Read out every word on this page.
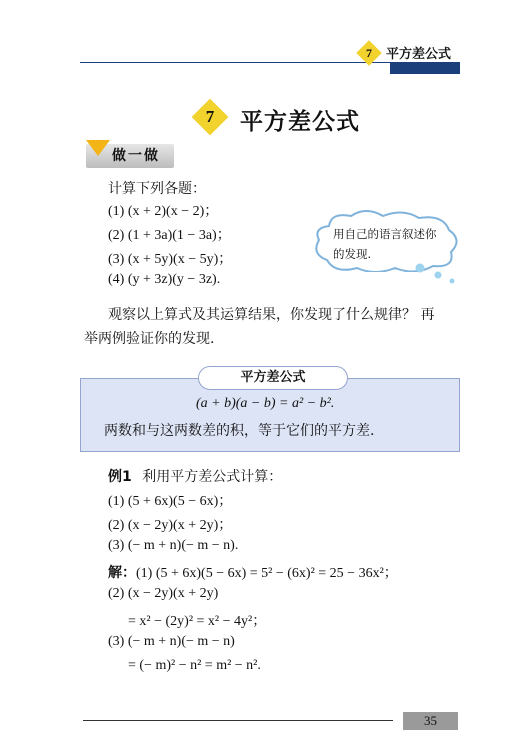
7	平方差公式
7	平方差公式
做一做
计算下列各题：
(1) (x + 2)(x − 2)；
(2) (1 + 3a)(1 − 3a)；
(3) (x + 5y)(x − 5y)；
(4) (y + 3z)(y − 3z).
用自己的语言叙述你的发现.
观察以上算式及其运算结果，你发现了什么规律？ 再
举两例验证你的发现.
平方差公式
(a + b)(a − b) = a² − b².
两数和与这两数差的积，等于它们的平方差.
例1 利用平方差公式计算：
(1) (5 + 6x)(5 − 6x)；
(2) (x − 2y)(x + 2y)；
(3) (− m + n)(− m − n).
解：(1) (5 + 6x)(5 − 6x) = 5² − (6x)² = 25 − 36x²；
(2) (x − 2y)(x + 2y)
= x² − (2y)² = x² − 4y²；
(3) (− m + n)(− m − n)
= (− m)² − n² = m² − n².
35
